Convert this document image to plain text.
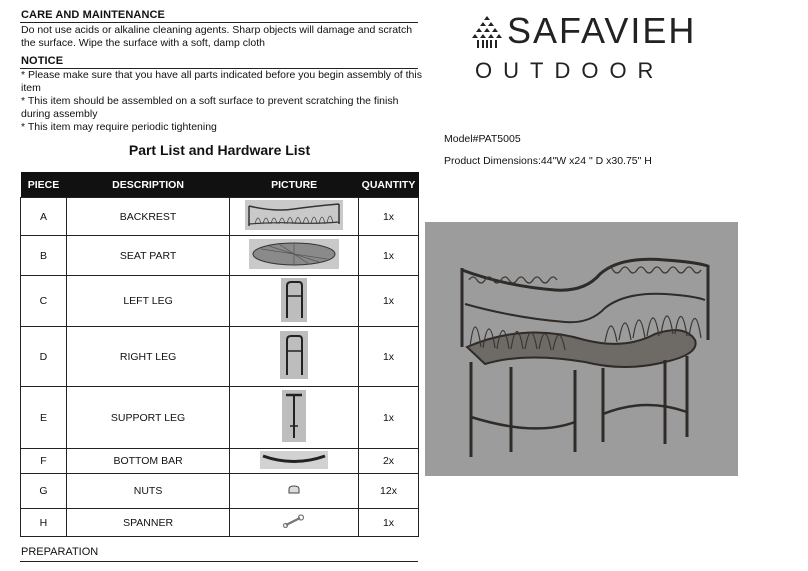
CARE AND MAINTENANCE
Do not use acids or alkaline cleaning agents. Sharp objects will damage and scratch
the surface. Wipe the surface with a soft, damp cloth
NOTICE
* Please make sure that you have all parts indicated before you begin assembly of this
item
* This item should be assembled on a soft surface to prevent scratching the finish
during assembly
* This item may require periodic tightening
Part List and Hardware List
PIECE	DESCRIPTION	PICTURE	QUANTITY
A	BACKREST		1x
B	SEAT PART		1x
C	LEFT LEG		1x
D	RIGHT LEG		1x
E	SUPPORT LEG		1x
F	BOTTOM BAR		2x
G	NUTS		12x
H	SPANNER		1x
PREPARATION
SAFAVIEH
OUTDOOR
Model#PAT5005
Product Dimensions:44"W x24 " D x30.75" H
